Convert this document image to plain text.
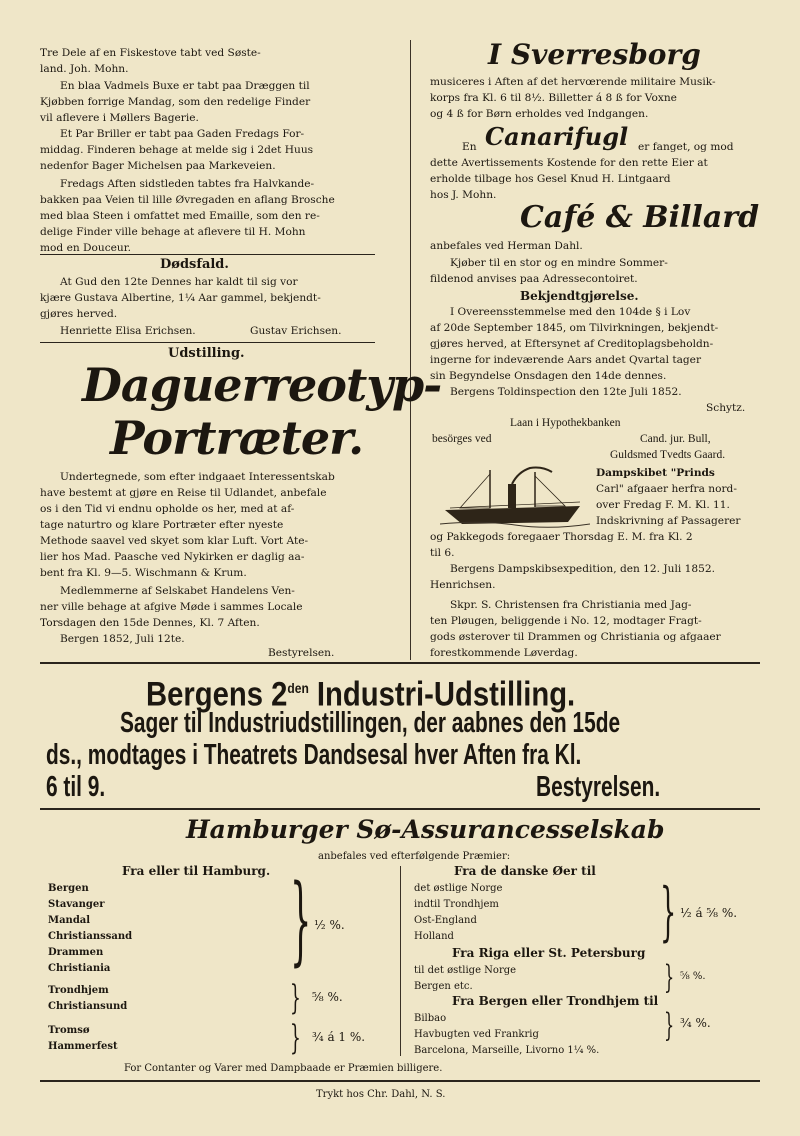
Tre Dele af en Fiskestove tabt ved Søste-
land. Joh. Mohn.
En blaa Vadmels Buxe er tabt paa Dræggen til
Kjøbben forrige Mandag, som den redelige Finder
vil aflevere i Møllers Bagerie.
Et Par Briller er tabt paa Gaden Fredags For-
middag. Finderen behage at melde sig i 2det Huus
nedenfor Bager Michelsen paa Markeveien.
Fredags Aften sidstleden tabtes fra Halvkande-
bakken paa Veien til lille Øvregaden en aflang Brosche
med blaa Steen i omfattet med Emaille, som den re-
delige Finder ville behage at aflevere til H. Mohn
mod en Douceur.
Dødsfald.
At Gud den 12te Dennes har kaldt til sig vor
kjære Gustava Albertine, 1¼ Aar gammel, bekjendt-
gjøres herved.
Henriette Elisa Erichsen.	Gustav Erichsen.
Udstilling.
Daguerreotyp-
Portræter.
Undertegnede, som efter indgaaet Interessentskab
have bestemt at gjøre en Reise til Udlandet, anbefale
os i den Tid vi endnu opholde os her, med at af-
tage naturtro og klare Portræter efter nyeste
Methode saavel ved skyet som klar Luft. Vort Ate-
lier hos Mad. Paasche ved Nykirken er daglig aa-
bent fra Kl. 9—5. Wischmann & Krum.
Medlemmerne af Selskabet Handelens Ven-
ner ville behage at afgive Møde i sammes Locale
Torsdagen den 15de Dennes, Kl. 7 Aften.
Bergen 1852, Juli 12te.
Bestyrelsen.
I Sverresborg
musiceres i Aften af det hervœrende militaire Musik-
korps fra Kl. 6 til 8½. Billetter á 8 ß for Voxne
og 4 ß for Børn erholdes ved Indgangen.
En Canarifugl er fanget, og mod
dette Avertissements Kostende for den rette Eier at
erholde tilbage hos Gesel Knud H. Lintgaard
hos J. Mohn.
Café & Billard
anbefales ved Herman Dahl.
Kjøber til en stor og en mindre Sommer-
fildenod anvises paa Adressecontoiret.
Bekjendtgjørelse.
I Overeensstemmelse med den 104de § i Lov
af 20de September 1845, om Tilvirkningen, bekjendt-
gjøres herved, at Eftersynet af Creditoplagsbeholdn-
ingerne for indeværende Aars andet Qvartal tager
sin Begyndelse Onsdagen den 14de dennes.
Bergens Toldinspection den 12te Juli 1852.
Schytz.
Laan i Hypothekbanken
besörges ved	Cand. jur. Bull,
Guldsmed Tvedts Gaard.
Dampskibet "Prinds
Carl" afgaaer herfra nord-
over Fredag F. M. Kl. 11.
Indskrivning af Passagerer
og Pakkegods foregaaer Thorsdag E. M. fra Kl. 2
til 6.
Bergens Dampskibsexpedition, den 12. Juli 1852.
Henrichsen.
Skpr. S. Christensen fra Christiania med Jag-
ten Pløugen, beliggende i No. 12, modtager Fragt-
gods østerover til Drammen og Christiania og afgaaer
forestkommende Løverdag.
Bergens $2^{den}$ Industri-Udstilling.
Sager til Industriudstillingen, der aabnes den 15de
ds., modtages i Theatrets Dandsesal hver Aften fra Kl.
6 til 9.	Bestyrelsen.
Hamburger Sø-Assurancesselskab
anbefales ved efterfølgende Præmier:
Fra eller til Hamburg.
Bergen
Stavanger
Mandal
Christianssand
Drammen
Christiania } ½ %.
Trondhjem
Christiansund	} ⅝ %.
Tromsø
Hammerfest	} ¾ á 1 %.
Fra de danske Øer til
det østlige Norge
indtil Trondhjem
Ost-England
Holland	} ½ á ⅝ %.
Fra Riga eller St. Petersburg
til det østlige Norge
Bergen etc.	} ⅝ %.
Fra Bergen eller Trondhjem til
Bilbao
Havbugten ved Frankrig	} ¾ %.
Barcelona, Marseille, Livorno 1¼ %.
For Contanter og Varer med Dampbaade er Præmien billigere.
Trykt hos Chr. Dahl, N. S.
